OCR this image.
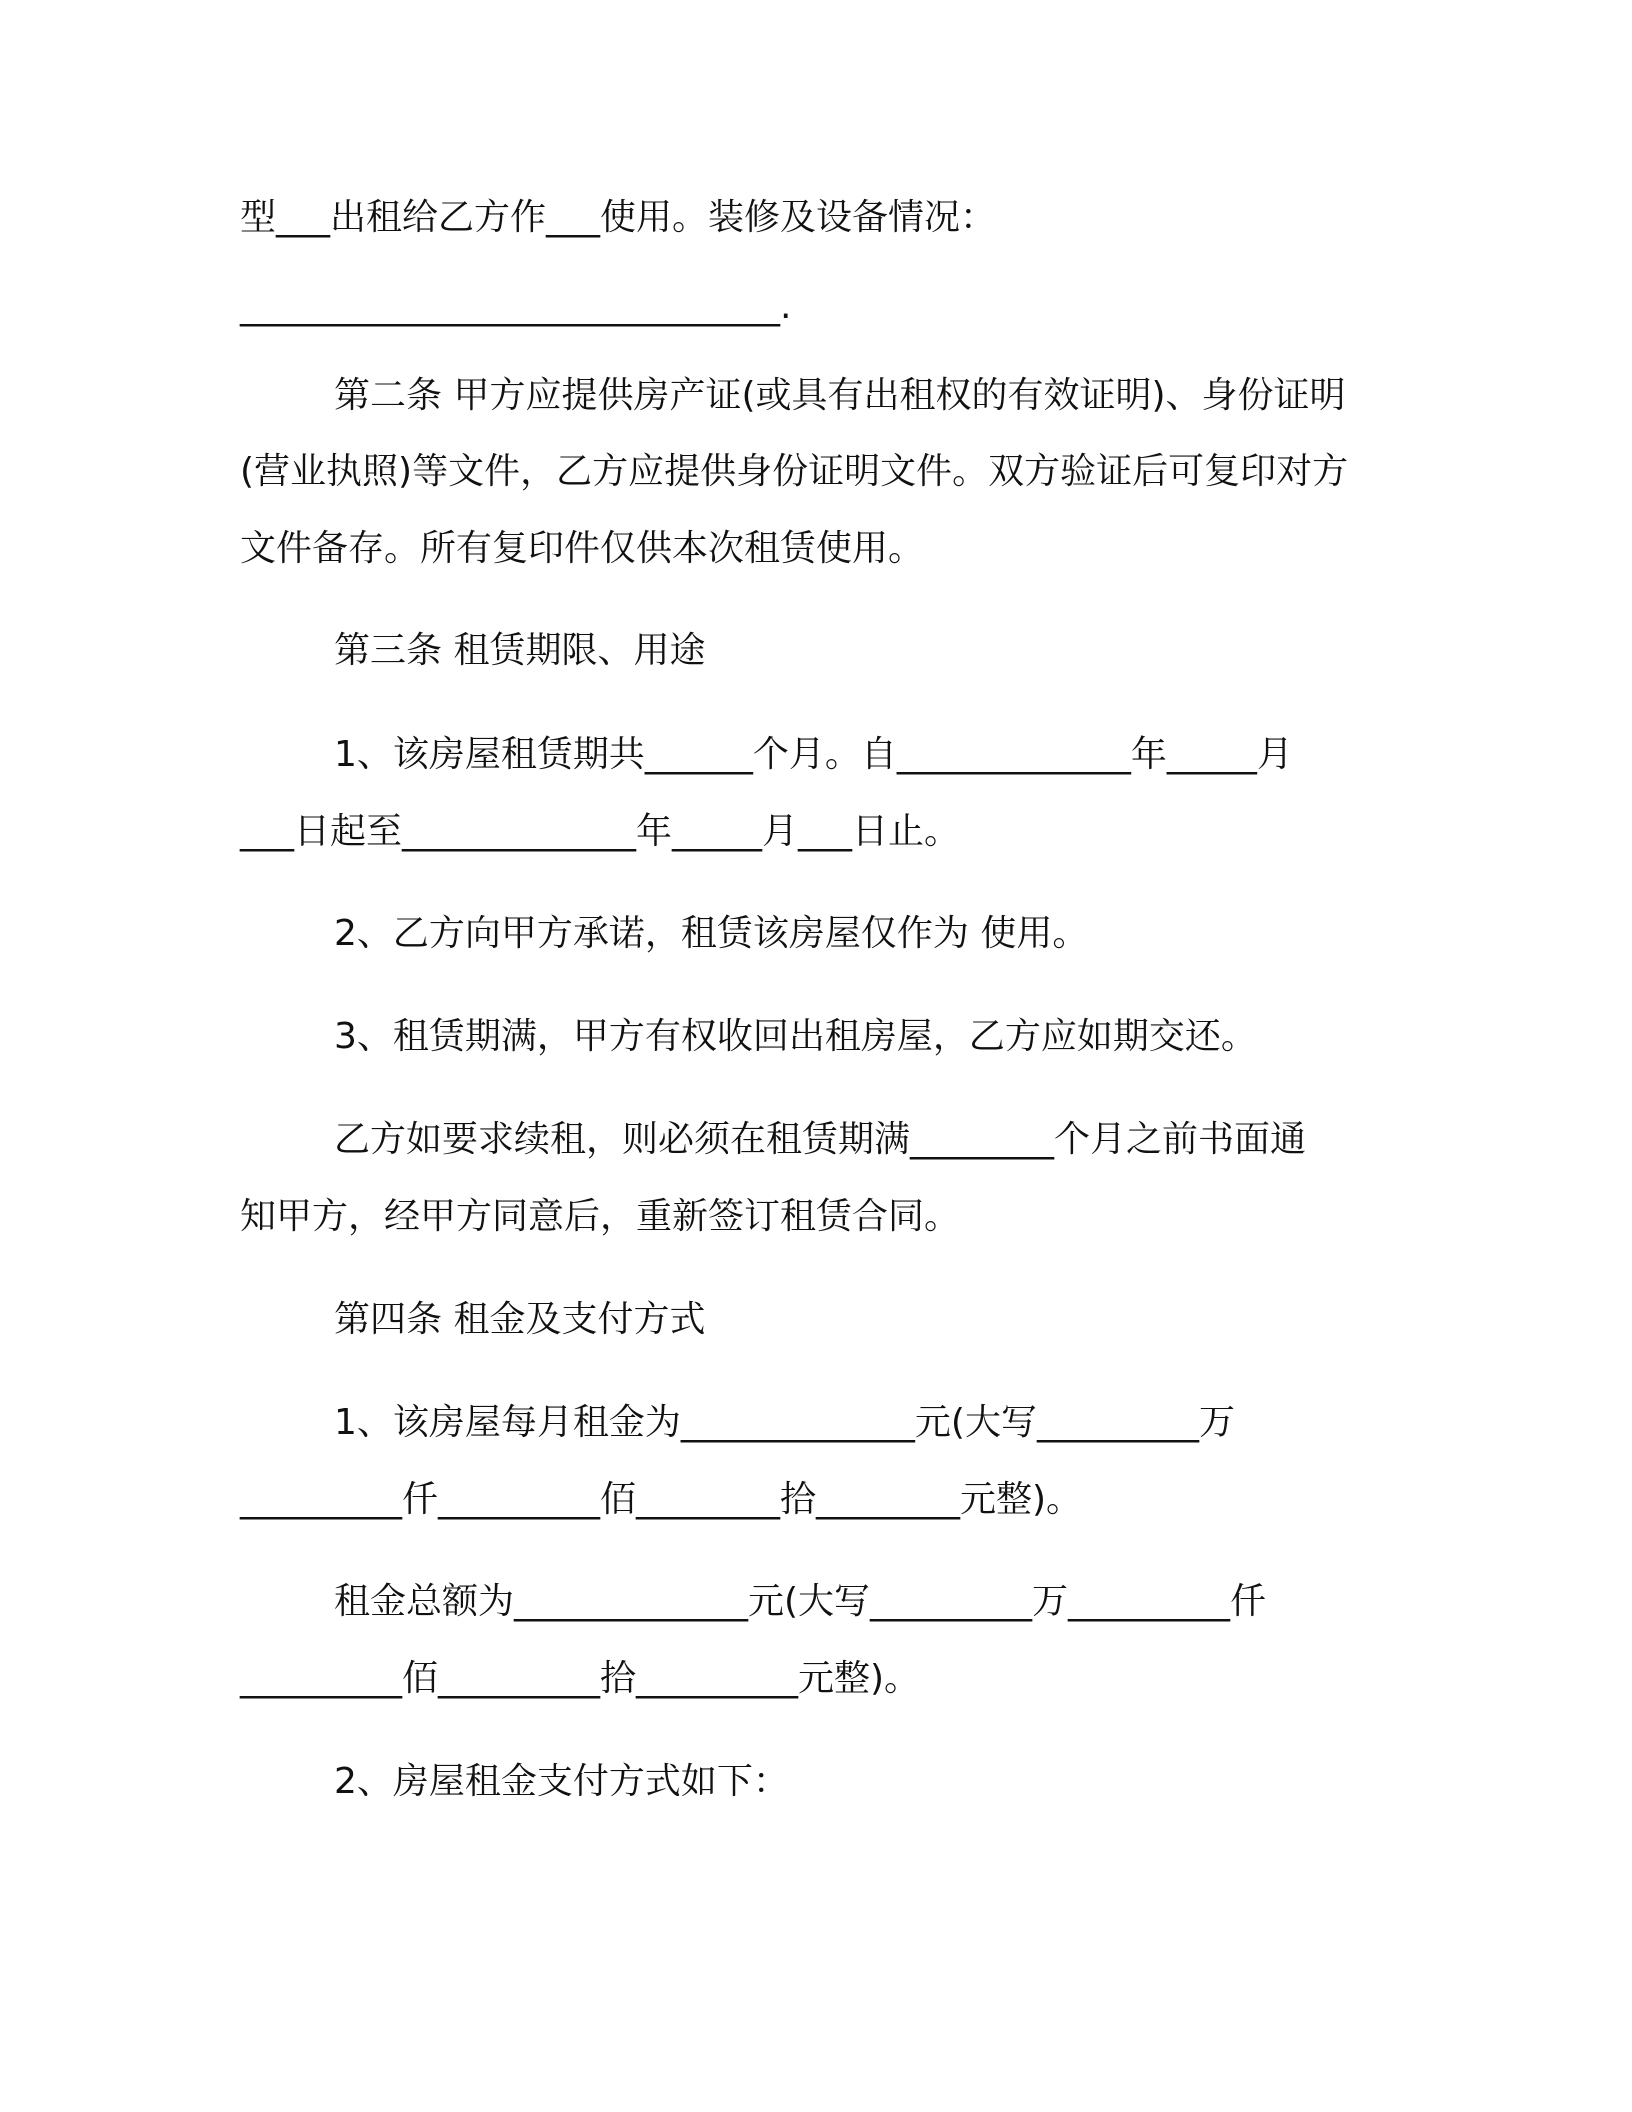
型___出租给乙方作___使用。装修及设备情况：
______________________________.
第二条 甲方应提供房产证(或具有出租权的有效证明)、身份证明
(营业执照)等文件，乙方应提供身份证明文件。双方验证后可复印对方
文件备存。所有复印件仅供本次租赁使用。
第三条 租赁期限、用途
1、该房屋租赁期共______个月。自_____________年_____月
___日起至_____________年_____月___日止。
2、乙方向甲方承诺，租赁该房屋仅作为 使用。
3、租赁期满，甲方有权收回出租房屋，乙方应如期交还。
乙方如要求续租，则必须在租赁期满________个月之前书面通
知甲方，经甲方同意后，重新签订租赁合同。
第四条 租金及支付方式
1、该房屋每月租金为_____________元(大写_________万
_________仟_________佰________拾________元整)。
租金总额为_____________元(大写_________万_________仟
_________佰_________拾_________元整)。
2、房屋租金支付方式如下：
